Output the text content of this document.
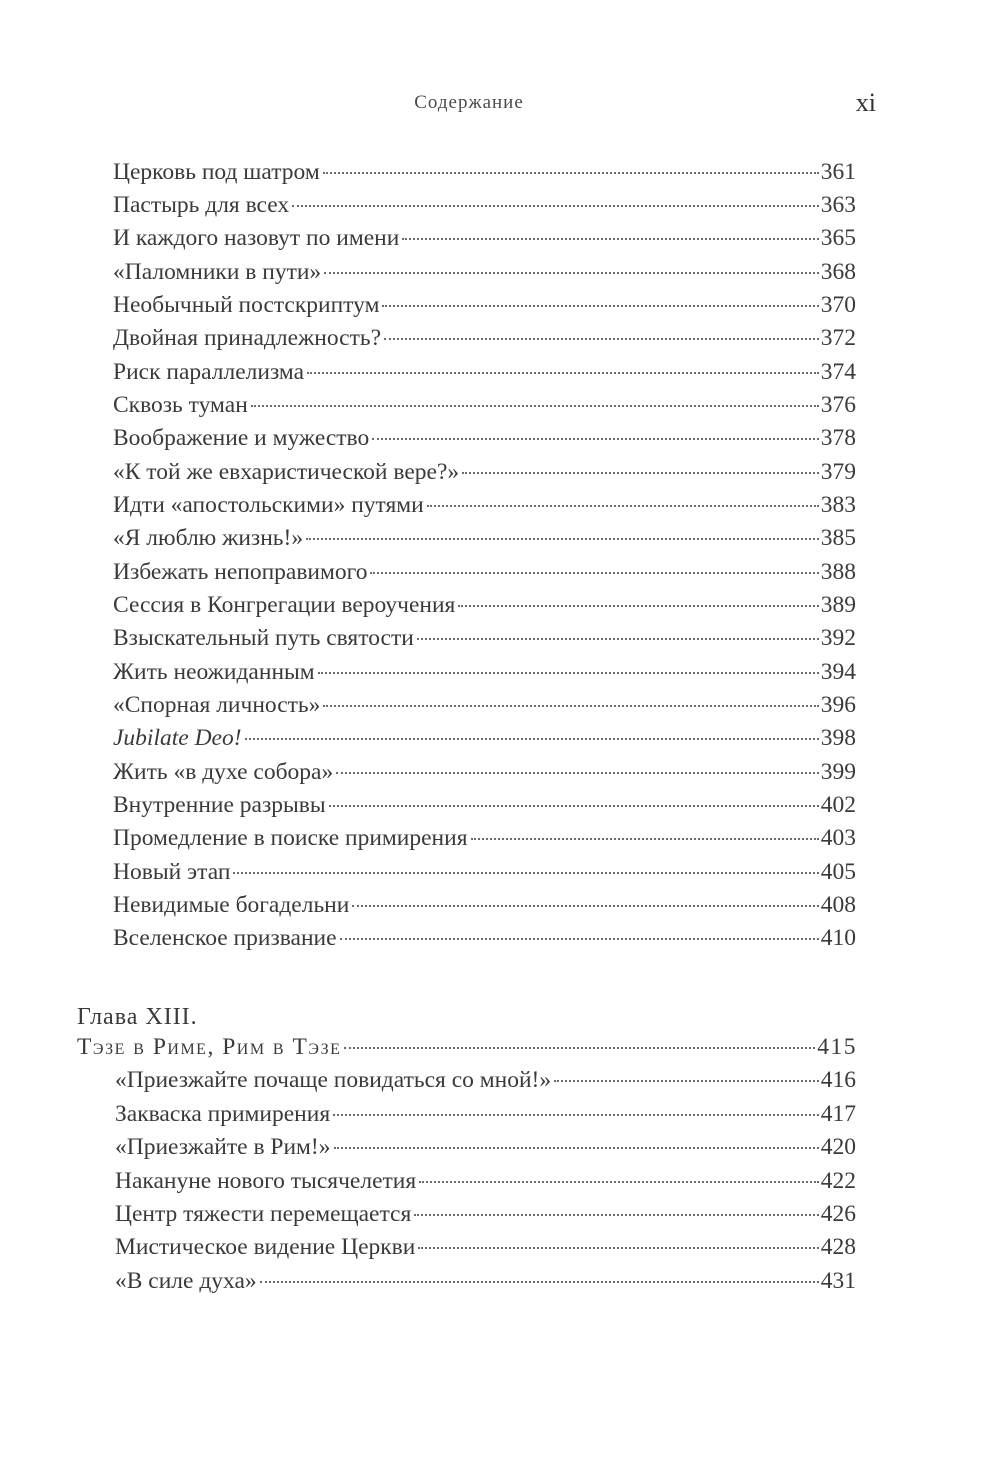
Содержание	xi
Церковь под шатром	361
Пастырь для всех	363
И каждого назовут по имени	365
«Паломники в пути»	368
Необычный постскриптум	370
Двойная принадлежность?	372
Риск параллелизма	374
Сквозь туман	376
Воображение и мужество	378
«К той же евхаристической вере?»	379
Идти «апостольскими» путями	383
«Я люблю жизнь!»	385
Избежать непоправимого	388
Сессия в Конгрегации вероучения	389
Взыскательный путь святости	392
Жить неожиданным	394
«Спорная личность»	396
Jubilate Deo!	398
Жить «в духе собора»	399
Внутренние разрывы	402
Промедление в поиске примирения	403
Новый этап	405
Невидимые богадельни	408
Вселенское призвание	410
Глава XIII.
Тэзе в Риме, Рим в Тэзе	415
«Приезжайте почаще повидаться со мной!»	416
Закваска примирения	417
«Приезжайте в Рим!»	420
Накануне нового тысячелетия	422
Центр тяжести перемещается	426
Мистическое видение Церкви	428
«В силе духа»	431
